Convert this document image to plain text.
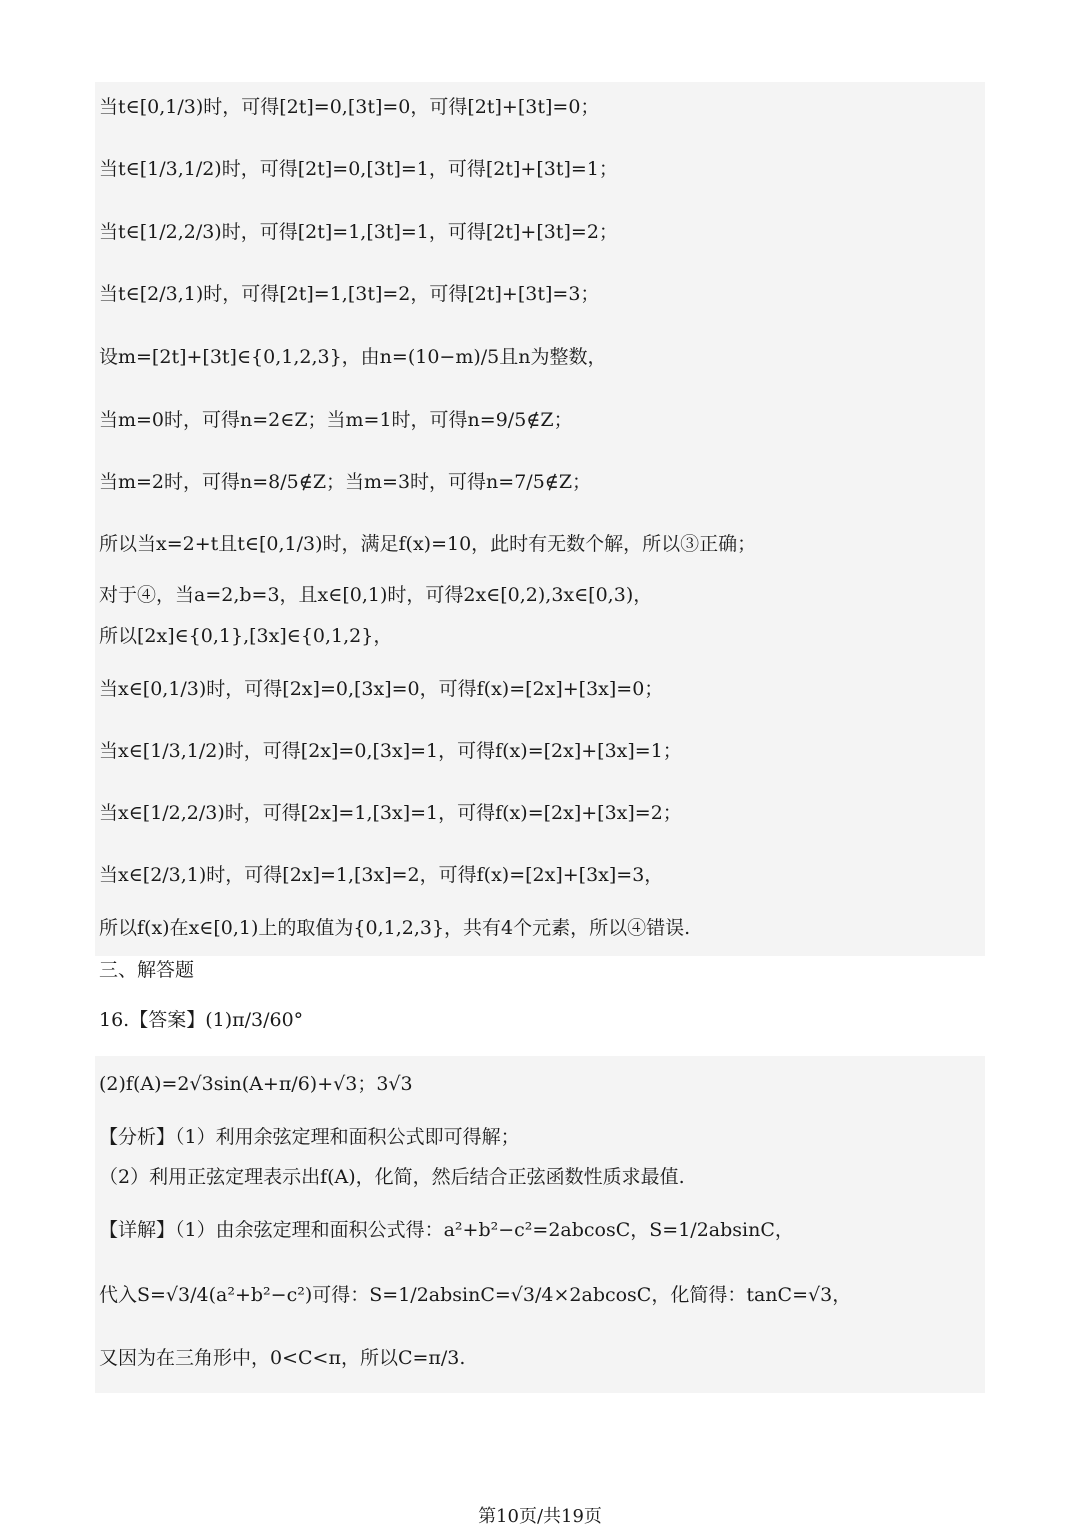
当t∈[0,1/3)时，可得[2t]=0,[3t]=0，可得[2t]+[3t]=0；
当t∈[1/3,1/2)时，可得[2t]=0,[3t]=1，可得[2t]+[3t]=1；
当t∈[1/2,2/3)时，可得[2t]=1,[3t]=1，可得[2t]+[3t]=2；
当t∈[2/3,1)时，可得[2t]=1,[3t]=2，可得[2t]+[3t]=3；
设m=[2t]+[3t]∈{0,1,2,3}，由n=(10−m)/5且n为整数，
当m=0时，可得n=2∈Z；当m=1时，可得n=9/5∉Z；
当m=2时，可得n=8/5∉Z；当m=3时，可得n=7/5∉Z；
所以当x=2+t且t∈[0,1/3)时，满足f(x)=10，此时有无数个解，所以③正确；
对于④，当a=2,b=3，且x∈[0,1)时，可得2x∈[0,2),3x∈[0,3)，
所以[2x]∈{0,1},[3x]∈{0,1,2}，
当x∈[0,1/3)时，可得[2x]=0,[3x]=0，可得f(x)=[2x]+[3x]=0；
当x∈[1/3,1/2)时，可得[2x]=0,[3x]=1，可得f(x)=[2x]+[3x]=1；
当x∈[1/2,2/3)时，可得[2x]=1,[3x]=1，可得f(x)=[2x]+[3x]=2；
当x∈[2/3,1)时，可得[2x]=1,[3x]=2，可得f(x)=[2x]+[3x]=3，
所以f(x)在x∈[0,1)上的取值为{0,1,2,3}，共有4个元素，所以④错误.
三、解答题
16.【答案】(1)π/3/60°
(2)f(A)=2√3sin(A+π/6)+√3；3√3
【分析】（1）利用余弦定理和面积公式即可得解；
（2）利用正弦定理表示出f(A)，化简，然后结合正弦函数性质求最值.
【详解】（1）由余弦定理和面积公式得：a²+b²−c²=2abcosC，S=1/2absinC，
代入S=√3/4(a²+b²−c²)可得：S=1/2absinC=√3/4×2abcosC，化简得：tanC=√3，
又因为在三角形中，0<C<π，所以C=π/3.
第10页/共19页
